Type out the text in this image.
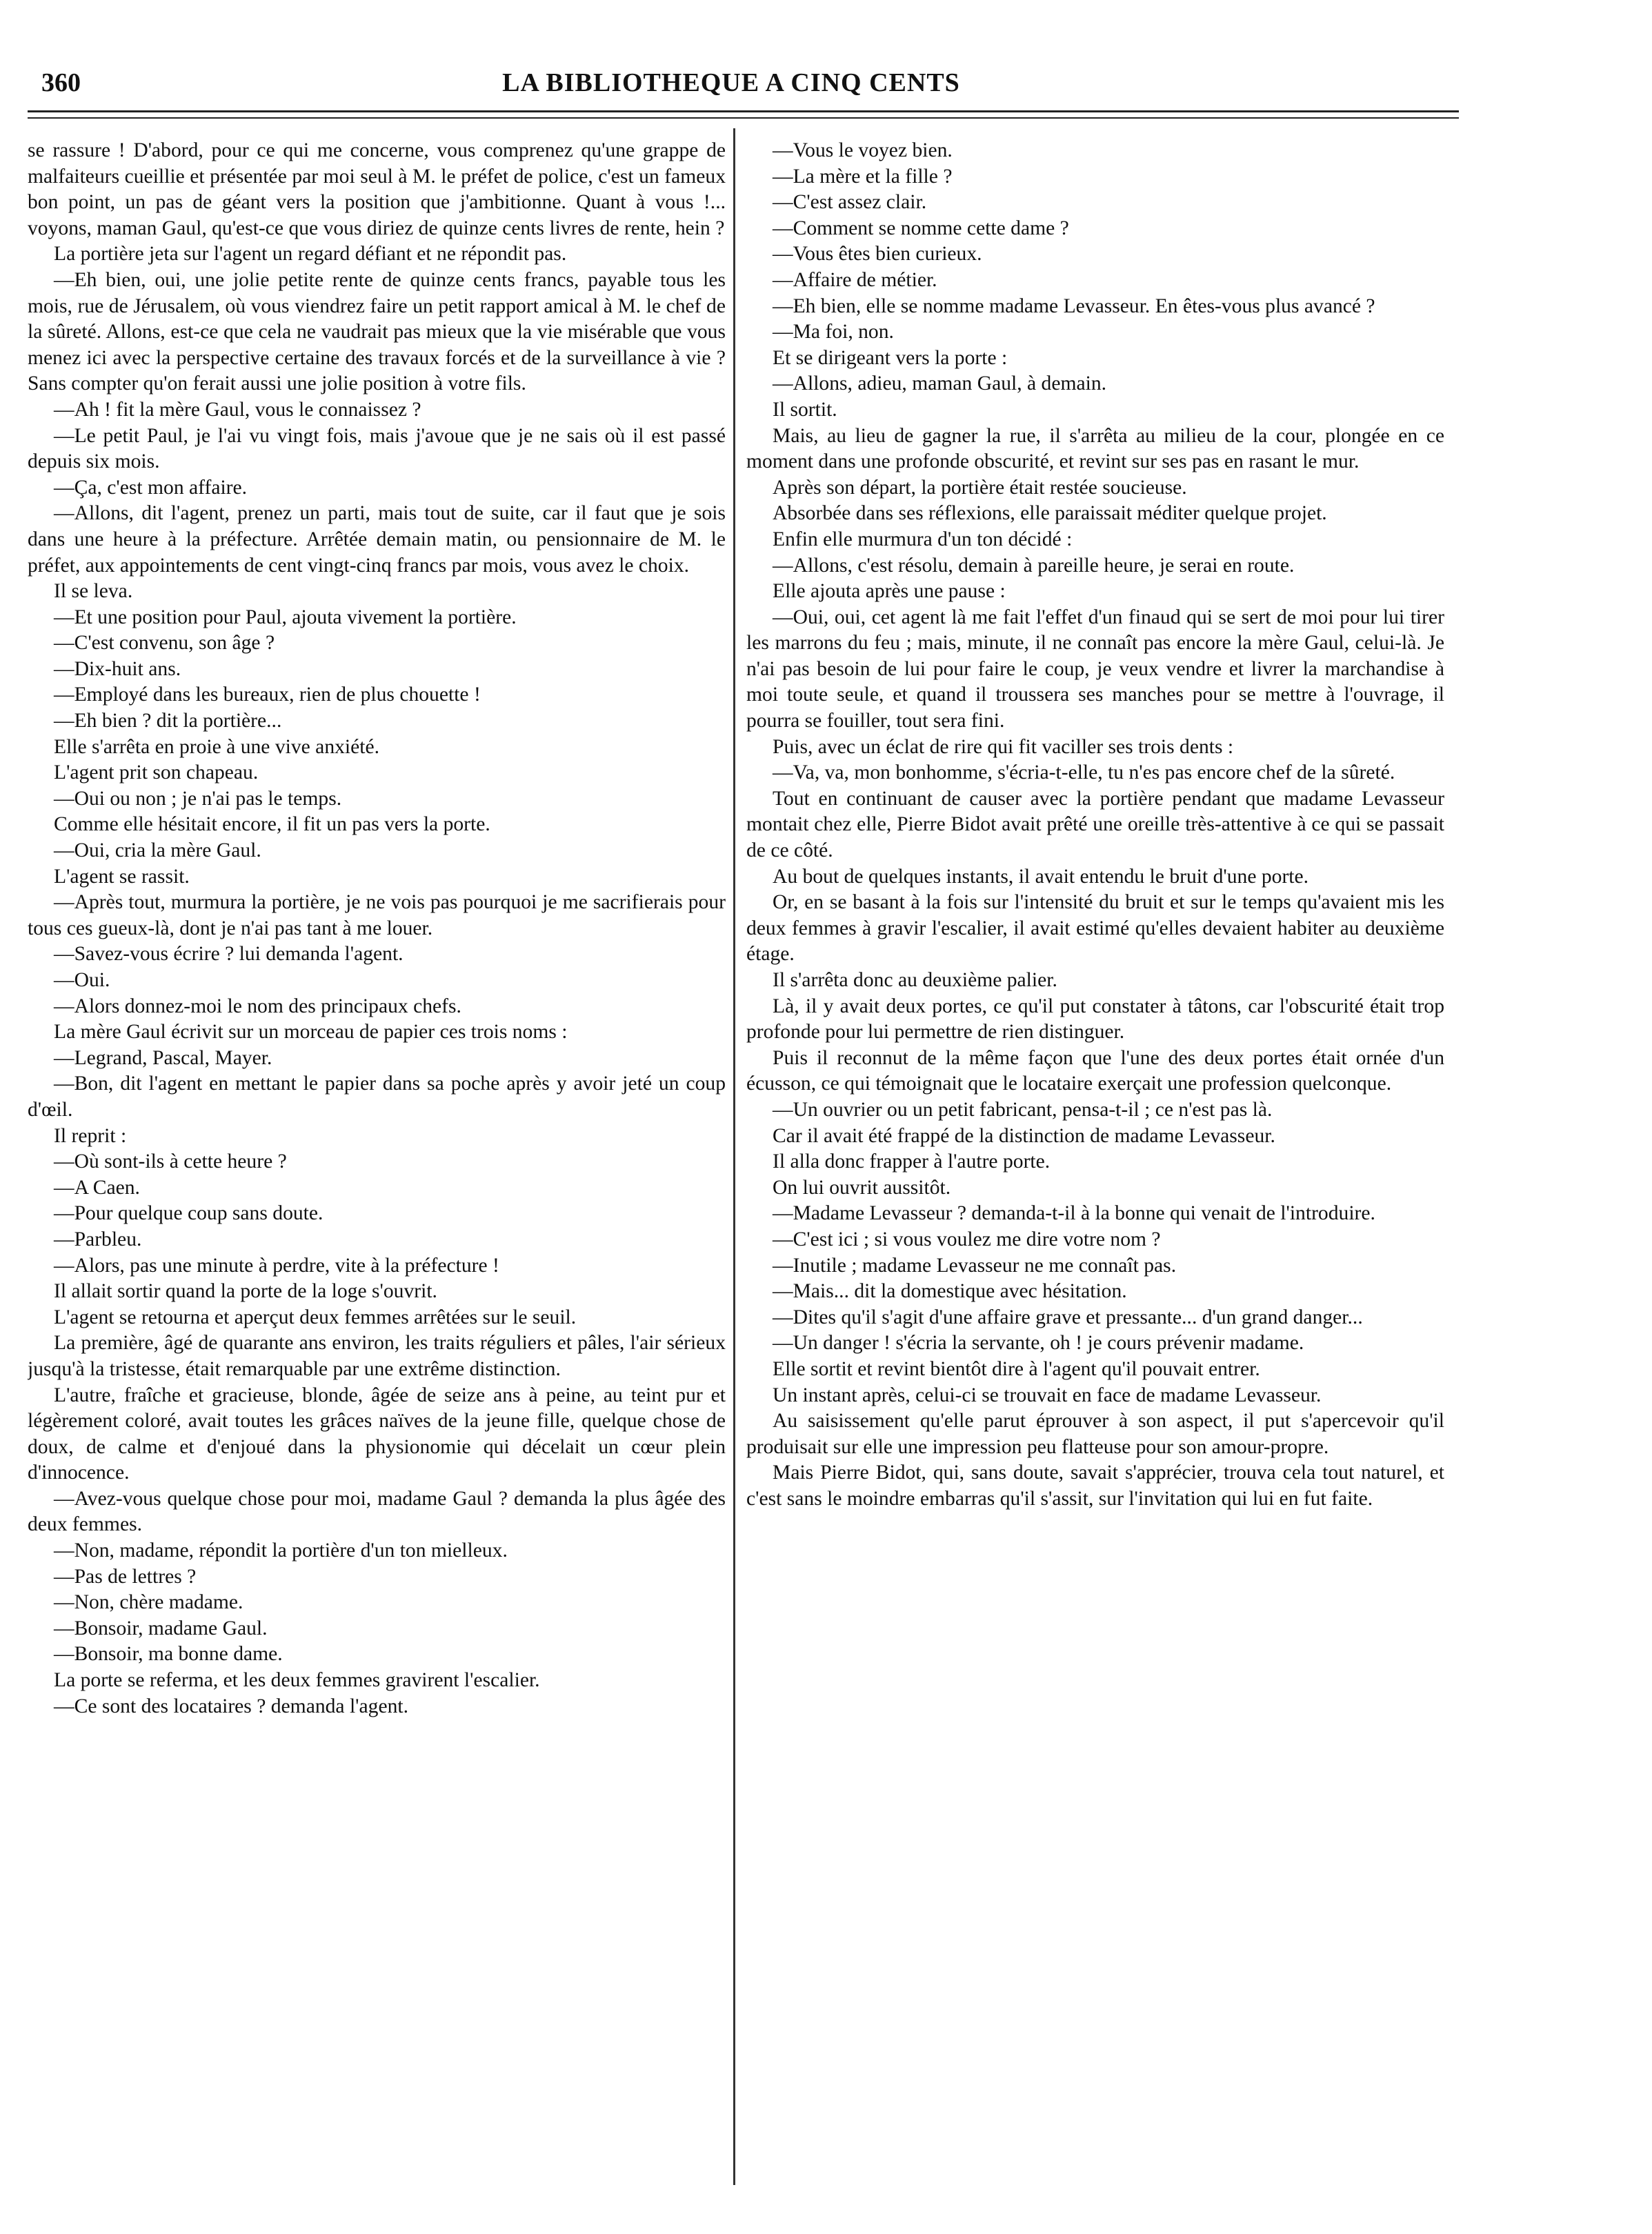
360	LA BIBLIOTHEQUE A CINQ CENTS

se rassure ! D'abord, pour ce qui me concerne, vous comprenez qu'une grappe de malfaiteurs cueillie et présentée par moi seul à M. le préfet de police, c'est un fameux bon point, un pas de géant vers la position que j'ambitionne. Quant à vous !... voyons, maman Gaul, qu'est-ce que vous diriez de quinze cents livres de rente, hein ?

La portière jeta sur l'agent un regard défiant et ne répondit pas.

—Eh bien, oui, une jolie petite rente de quinze cents francs, payable tous les mois, rue de Jérusalem, où vous viendrez faire un petit rapport amical à M. le chef de la sûreté. Allons, est-ce que cela ne vaudrait pas mieux que la vie misérable que vous menez ici avec la perspective certaine des travaux forcés et de la surveillance à vie ? Sans compter qu'on ferait aussi une jolie position à votre fils.

—Ah ! fit la mère Gaul, vous le connaissez ?

—Le petit Paul, je l'ai vu vingt fois, mais j'avoue que je ne sais où il est passé depuis six mois.

—Ça, c'est mon affaire.

—Allons, dit l'agent, prenez un parti, mais tout de suite, car il faut que je sois dans une heure à la préfecture. Arrêtée demain matin, ou pensionnaire de M. le préfet, aux appointements de cent vingt-cinq francs par mois, vous avez le choix.

Il se leva.

—Et une position pour Paul, ajouta vivement la portière.

—C'est convenu, son âge ?

—Dix-huit ans.

—Employé dans les bureaux, rien de plus chouette !

—Eh bien ? dit la portière...

Elle s'arrêta en proie à une vive anxiété.

L'agent prit son chapeau.

—Oui ou non ; je n'ai pas le temps.

Comme elle hésitait encore, il fit un pas vers la porte.

—Oui, cria la mère Gaul.

L'agent se rassit.

—Après tout, murmura la portière, je ne vois pas pourquoi je me sacrifierais pour tous ces gueux-là, dont je n'ai pas tant à me louer.

—Savez-vous écrire ? lui demanda l'agent.

—Oui.

—Alors donnez-moi le nom des principaux chefs.

La mère Gaul écrivit sur un morceau de papier ces trois noms :

—Legrand, Pascal, Mayer.

—Bon, dit l'agent en mettant le papier dans sa poche après y avoir jeté un coup d'œil.

Il reprit :

—Où sont-ils à cette heure ?

—A Caen.

—Pour quelque coup sans doute.

—Parbleu.

—Alors, pas une minute à perdre, vite à la préfecture !

Il allait sortir quand la porte de la loge s'ouvrit.

L'agent se retourna et aperçut deux femmes arrêtées sur le seuil.

La première, âgé de quarante ans environ, les traits réguliers et pâles, l'air sérieux jusqu'à la tristesse, était remarquable par une extrême distinction.

L'autre, fraîche et gracieuse, blonde, âgée de seize ans à peine, au teint pur et légèrement coloré, avait toutes les grâces naïves de la jeune fille, quelque chose de doux, de calme et d'enjoué dans la physionomie qui décelait un cœur plein d'innocence.

—Avez-vous quelque chose pour moi, madame Gaul ? demanda la plus âgée des deux femmes.

—Non, madame, répondit la portière d'un ton mielleux.

—Pas de lettres ?

—Non, chère madame.

—Bonsoir, madame Gaul.

—Bonsoir, ma bonne dame.

La porte se referma, et les deux femmes gravirent l'escalier.

—Ce sont des locataires ? demanda l'agent.

—Vous le voyez bien.

—La mère et la fille ?

—C'est assez clair.

—Comment se nomme cette dame ?

—Vous êtes bien curieux.

—Affaire de métier.

—Eh bien, elle se nomme madame Levasseur. En êtes-vous plus avancé ?

—Ma foi, non.

Et se dirigeant vers la porte :

—Allons, adieu, maman Gaul, à demain.

Il sortit.

Mais, au lieu de gagner la rue, il s'arrêta au milieu de la cour, plongée en ce moment dans une profonde obscurité, et revint sur ses pas en rasant le mur.

Après son départ, la portière était restée soucieuse.

Absorbée dans ses réflexions, elle paraissait méditer quelque projet.

Enfin elle murmura d'un ton décidé :

—Allons, c'est résolu, demain à pareille heure, je serai en route.

Elle ajouta après une pause :

—Oui, oui, cet agent là me fait l'effet d'un finaud qui se sert de moi pour lui tirer les marrons du feu ; mais, minute, il ne connaît pas encore la mère Gaul, celui-là. Je n'ai pas besoin de lui pour faire le coup, je veux vendre et livrer la marchandise à moi toute seule, et quand il troussera ses manches pour se mettre à l'ouvrage, il pourra se fouiller, tout sera fini.

Puis, avec un éclat de rire qui fit vaciller ses trois dents :

—Va, va, mon bonhomme, s'écria-t-elle, tu n'es pas encore chef de la sûreté.

Tout en continuant de causer avec la portière pendant que madame Levasseur montait chez elle, Pierre Bidot avait prêté une oreille très-attentive à ce qui se passait de ce côté.

Au bout de quelques instants, il avait entendu le bruit d'une porte.

Or, en se basant à la fois sur l'intensité du bruit et sur le temps qu'avaient mis les deux femmes à gravir l'escalier, il avait estimé qu'elles devaient habiter au deuxième étage.

Il s'arrêta donc au deuxième palier.

Là, il y avait deux portes, ce qu'il put constater à tâtons, car l'obscurité était trop profonde pour lui permettre de rien distinguer.

Puis il reconnut de la même façon que l'une des deux portes était ornée d'un écusson, ce qui témoignait que le locataire exerçait une profession quelconque.

—Un ouvrier ou un petit fabricant, pensa-t-il ; ce n'est pas là.

Car il avait été frappé de la distinction de madame Levasseur.

Il alla donc frapper à l'autre porte.

On lui ouvrit aussitôt.

—Madame Levasseur ? demanda-t-il à la bonne qui venait de l'introduire.

—C'est ici ; si vous voulez me dire votre nom ?

—Inutile ; madame Levasseur ne me connaît pas.

—Mais... dit la domestique avec hésitation.

—Dites qu'il s'agit d'une affaire grave et pressante... d'un grand danger...

—Un danger ! s'écria la servante, oh ! je cours prévenir madame.

Elle sortit et revint bientôt dire à l'agent qu'il pouvait entrer.

Un instant après, celui-ci se trouvait en face de madame Levasseur.

Au saisissement qu'elle parut éprouver à son aspect, il put s'apercevoir qu'il produisait sur elle une impression peu flatteuse pour son amour-propre.

Mais Pierre Bidot, qui, sans doute, savait s'apprécier, trouva cela tout naturel, et c'est sans le moindre embarras qu'il s'assit, sur l'invitation qui lui en fut faite.
